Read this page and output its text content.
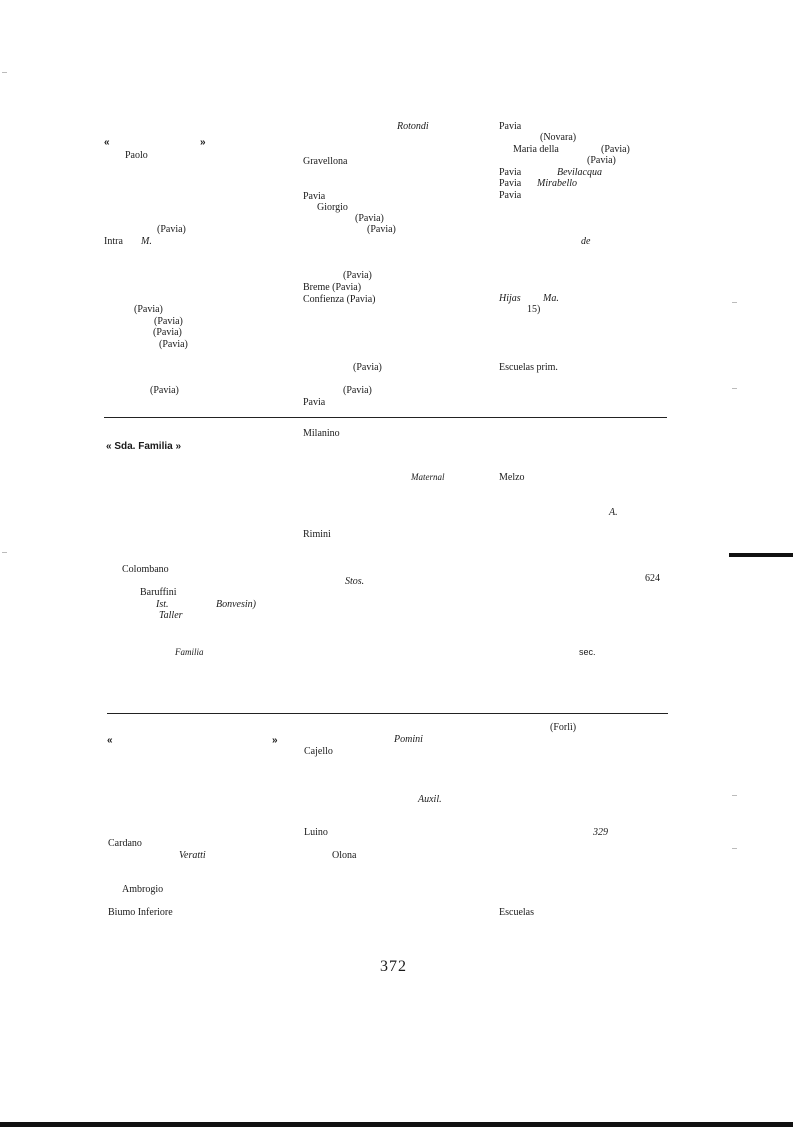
«	»
Paolo
(Pavia)
Intra M.
(Pavia)
(Pavia)
(Pavia)
(Pavia)
(Pavia)
Rotondi
Gravellona
Pavia
Giorgio
(Pavia)
(Pavia)
(Pavia)
Breme (Pavia)
Confienza (Pavia)
(Pavia)
(Pavia)
Pavia
Pavia
(Novara)
Maria della	(Pavia)
(Pavia)
Pavia	Bevilacqua
Pavia Mirabello
Pavia
de
Hijas Ma.
15)
Escuelas prim.
Milanino
« Sda. Familia »
Maternal	Melzo
A.
Rimini
Colombano
Stos.	624
Baruffini
Ist.	Bonvesin)
Taller
Familia	sec.
(Forlì)
«	»	Pomini
Cajello
Auxil.
Luino	329
Cardano
Veratti	Olona
Ambrogio
Biumo Inferiore	Escuelas
372
